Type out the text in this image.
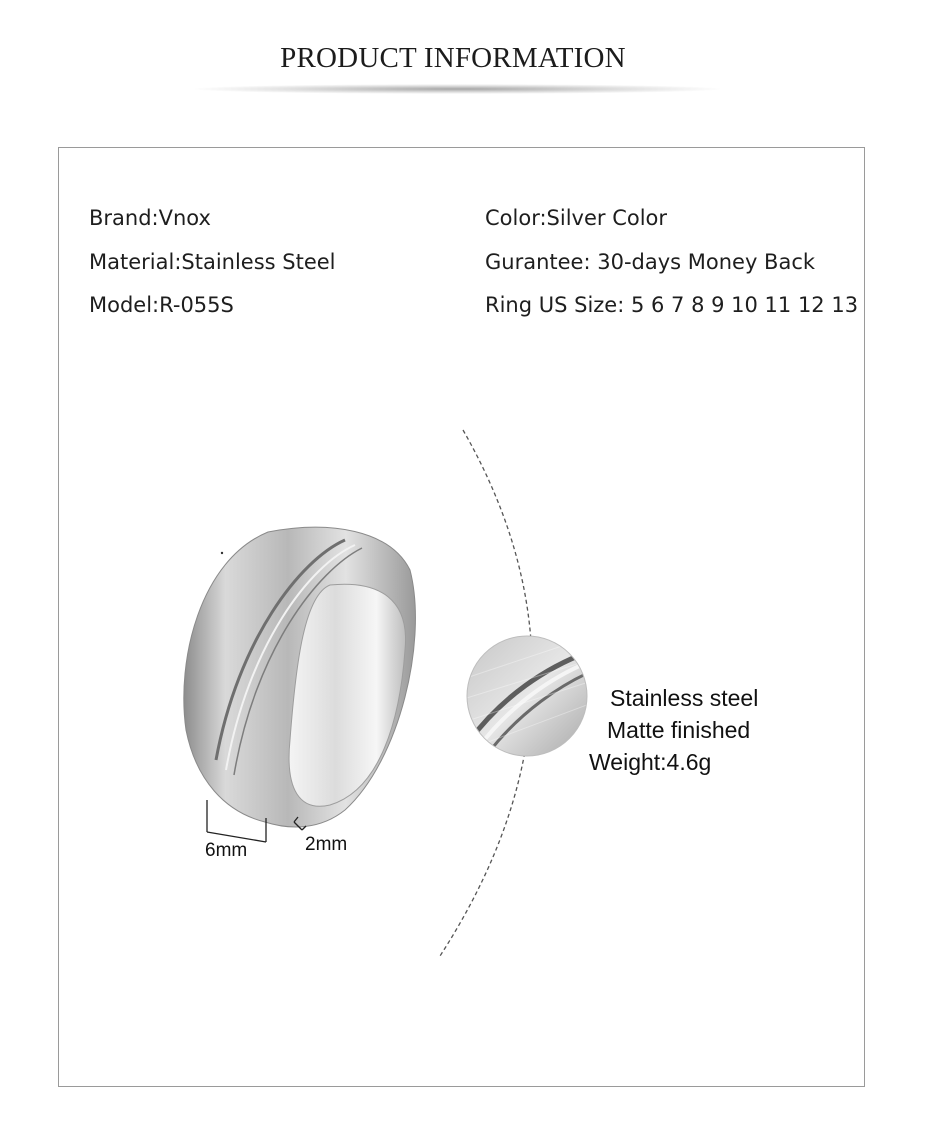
PRODUCT INFORMATION
Brand:Vnox
Material:Stainless Steel
Model:R-055S
Color:Silver Color
Gurantee: 30-days Money Back
Ring US Size: 5 6 7 8 9 10 11 12 13
6mm	2mm
Stainless steel
Matte finished
Weight:4.6g
